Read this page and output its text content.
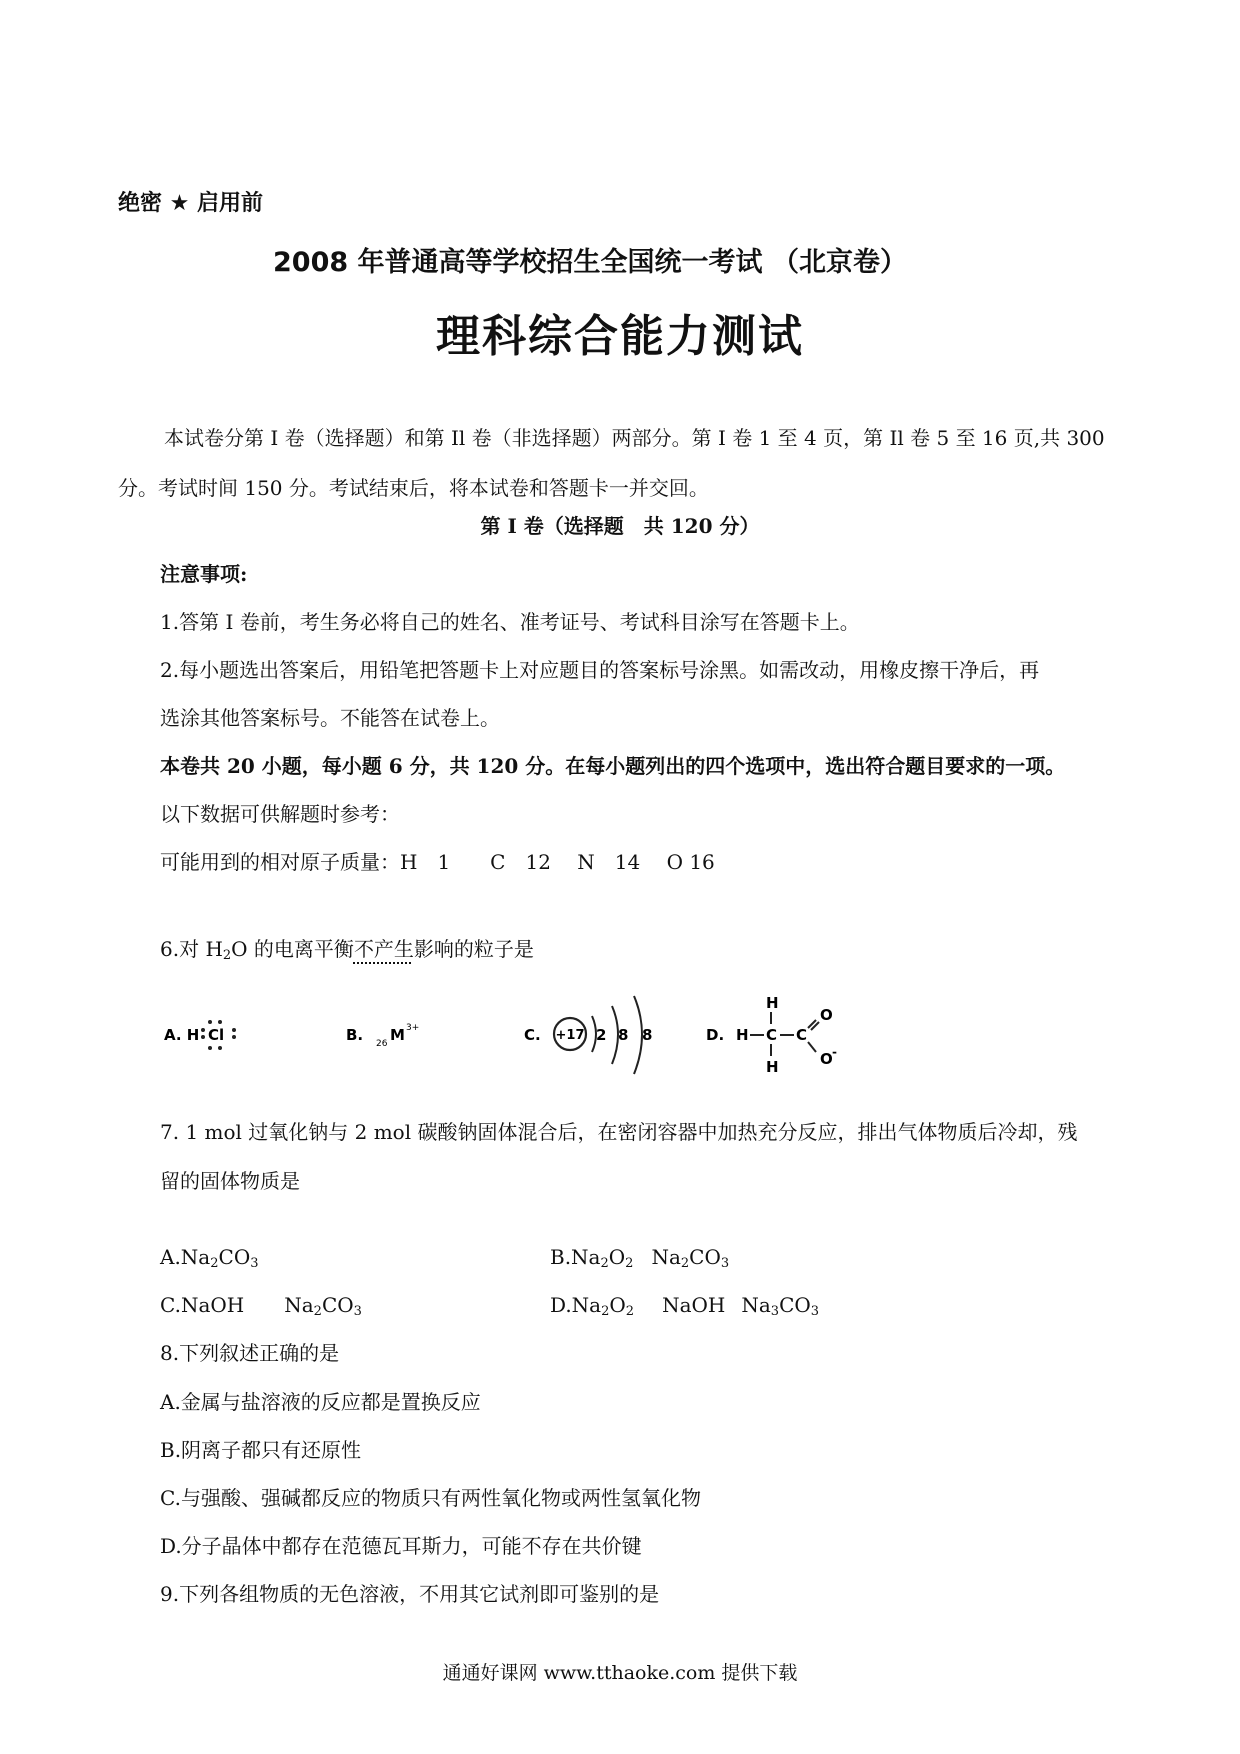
绝密 ★ 启用前
2008 年普通高等学校招生全国统一考试 （北京卷）
理科综合能力测试
本试卷分第 I 卷（选择题）和第 Il 卷（非选择题）两部分。第 I 卷 1 至 4 页，第 Il 卷 5 至 16 页,共 300 分。考试时间 150 分。考试结束后，将本试卷和答题卡一并交回。
第 I 卷（选择题　共 120 分）
注意事项:
1.答第 I 卷前，考生务必将自己的姓名、准考证号、考试科目涂写在答题卡上。
2.每小题选出答案后，用铅笔把答题卡上对应题目的答案标号涂黑。如需改动，用橡皮擦干净后，再
选涂其他答案标号。不能答在试卷上。
本卷共 20 小题，每小题 6 分，共 120 分。在每小题列出的四个选项中，选出符合题目要求的一项。
以下数据可供解题时参考：
可能用到的相对原子质量：H　1　　C　12　 N　14　 O 16
6.对 $H_2O$ 的电离平衡不产生影响的粒子是
A. H Cl	B. 26 M 3+	C. +17 2 8 8	D. H C
H
H
C
O
O -
7. 1 mol 过氧化钠与 2 mol 碳酸钠固体混合后，在密闭容器中加热充分反应，排出气体物质后冷却，残
留的固体物质是
$A.Na_2CO_3$	$B.Na_2O_2$ $Na_2CO_3$
C.NaOH $Na_2CO_3$	$D.Na_2O_2$ NaOH $Na_3CO_3$
8.下列叙述正确的是
A.金属与盐溶液的反应都是置换反应
B.阴离子都只有还原性
C.与强酸、强碱都反应的物质只有两性氧化物或两性氢氧化物
D.分子晶体中都存在范德瓦耳斯力，可能不存在共价键
9.下列各组物质的无色溶液，不用其它试剂即可鉴别的是
通通好课网 www.tthaoke.com 提供下载
